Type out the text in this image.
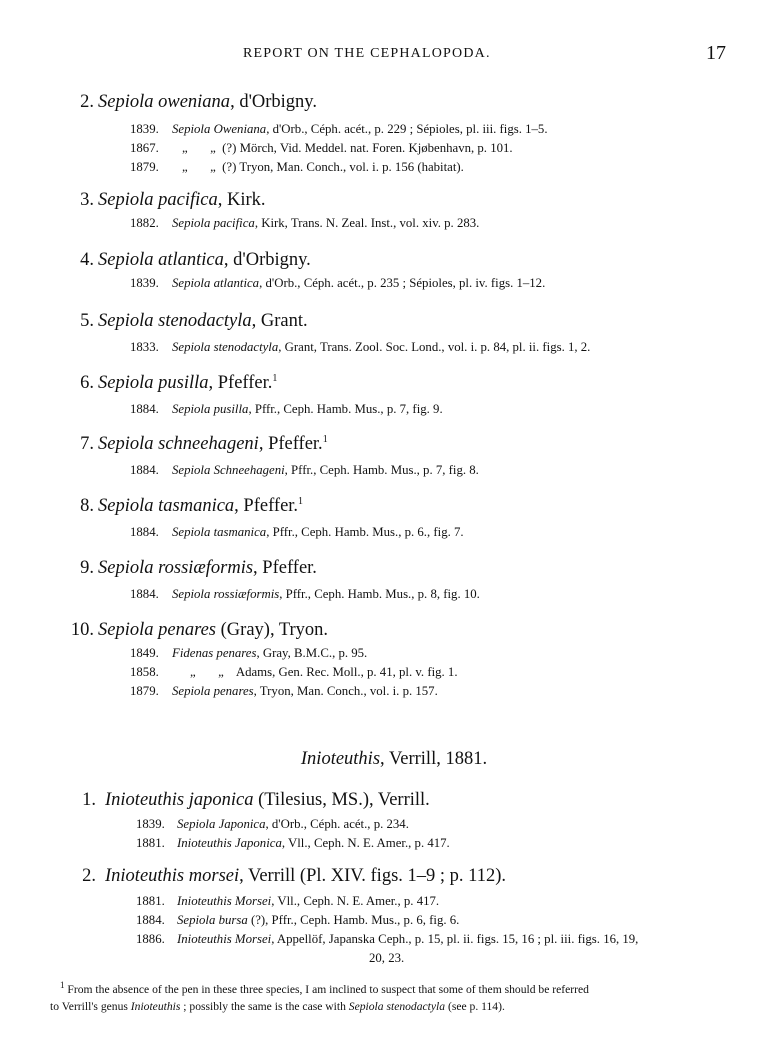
REPORT ON THE CEPHALOPODA.	17
2. Sepiola oweniana, d'Orbigny.
1839. Sepiola Oweniana, d'Orb., Céph. acét., p. 229 ; Sépioles, pl. iii. figs. 1–5.
1867. „       „  (?) Mörch, Vid. Meddel. nat. Foren. Kjøbenhavn, p. 101.
1879. „       „  (?) Tryon, Man. Conch., vol. i. p. 156 (habitat).
3. Sepiola pacifica, Kirk.
1882. Sepiola pacifica, Kirk, Trans. N. Zeal. Inst., vol. xiv. p. 283.
4. Sepiola atlantica, d'Orbigny.
1839. Sepiola atlantica, d'Orb., Céph. acét., p. 235 ; Sépioles, pl. iv. figs. 1–12.
5. Sepiola stenodactyla, Grant.
1833. Sepiola stenodactyla, Grant, Trans. Zool. Soc. Lond., vol. i. p. 84, pl. ii. figs. 1, 2.
6. Sepiola pusilla, Pfeffer.$^1$
1884. Sepiola pusilla, Pffr., Ceph. Hamb. Mus., p. 7, fig. 9.
7. Sepiola schneehageni, Pfeffer.$^1$
1884. Sepiola Schneehageni, Pffr., Ceph. Hamb. Mus., p. 7, fig. 8.
8. Sepiola tasmanica, Pfeffer.$^1$
1884. Sepiola tasmanica, Pffr., Ceph. Hamb. Mus., p. 6., fig. 7.
9. Sepiola rossiæformis, Pfeffer.
1884. Sepiola rossiæformis, Pffr., Ceph. Hamb. Mus., p. 8, fig. 10.
10. Sepiola penares (Gray), Tryon.
1849. Fidenas penares, Gray, B.M.C., p. 95.
1858. „       „    Adams, Gen. Rec. Moll., p. 41, pl. v. fig. 1.
1879. Sepiola penares, Tryon, Man. Conch., vol. i. p. 157.
Inioteuthis, Verrill, 1881.
1. Inioteuthis japonica (Tilesius, MS.), Verrill.
1839. Sepiola Japonica, d'Orb., Céph. acét., p. 234.
1881. Inioteuthis Japonica, Vll., Ceph. N. E. Amer., p. 417.
2. Inioteuthis morsei, Verrill (Pl. XIV. figs. 1–9 ; p. 112).
1881. Inioteuthis Morsei, Vll., Ceph. N. E. Amer., p. 417.
1884. Sepiola bursa (?), Pffr., Ceph. Hamb. Mus., p. 6, fig. 6.
1886. Inioteuthis Morsei, Appellöf, Japanska Ceph., p. 15, pl. ii. figs. 15, 16 ; pl. iii. figs. 16, 19,
20, 23.
$^1$ From the absence of the pen in these three species, I am inclined to suspect that some of them should be referred
to Verrill's genus Inioteuthis ; possibly the same is the case with Sepiola stenodactyla (see p. 114).
